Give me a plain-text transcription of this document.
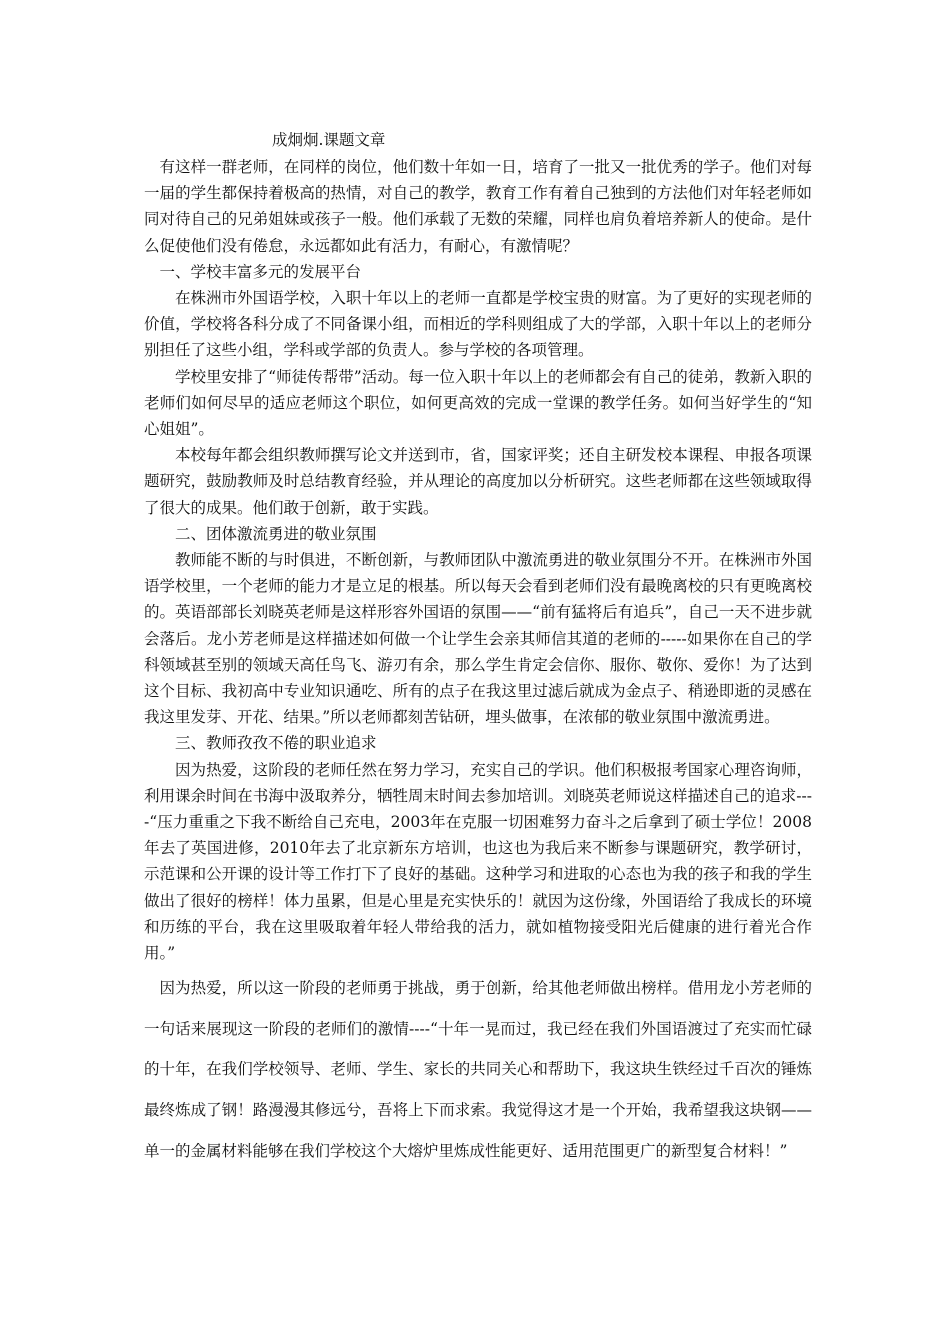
成炯炯.课题文章

有这样一群老师，在同样的岗位，他们数十年如一日，培育了一批又一批优秀的学子。他们对每一届的学生都保持着极高的热情，对自己的教学，教育工作有着自己独到的方法他们对年轻老师如同对待自己的兄弟姐妹或孩子一般。他们承载了无数的荣耀，同样也肩负着培养新人的使命。是什么促使他们没有倦怠，永远都如此有活力，有耐心，有激情呢？

一、学校丰富多元的发展平台

在株洲市外国语学校，入职十年以上的老师一直都是学校宝贵的财富。为了更好的实现老师的价值，学校将各科分成了不同备课小组，而相近的学科则组成了大的学部，入职十年以上的老师分别担任了这些小组，学科或学部的负责人。参与学校的各项管理。

学校里安排了“师徒传帮带”活动。每一位入职十年以上的老师都会有自己的徒弟，教新入职的老师们如何尽早的适应老师这个职位，如何更高效的完成一堂课的教学任务。如何当好学生的“知心姐姐”。

本校每年都会组织教师撰写论文并送到市，省，国家评奖；还自主研发校本课程、申报各项课题研究，鼓励教师及时总结教育经验，并从理论的高度加以分析研究。这些老师都在这些领域取得了很大的成果。他们敢于创新，敢于实践。

二、团体激流勇进的敬业氛围

教师能不断的与时俱进，不断创新，与教师团队中激流勇进的敬业氛围分不开。在株洲市外国语学校里，一个老师的能力才是立足的根基。所以每天会看到老师们没有最晚离校的只有更晚离校的。英语部部长刘晓英老师是这样形容外国语的氛围——“前有猛将后有追兵”，自己一天不进步就会落后。龙小芳老师是这样描述如何做一个让学生会亲其师信其道的老师的-----如果你在自己的学科领域甚至别的领域天高任鸟飞、游刃有余，那么学生肯定会信你、服你、敬你、爱你！为了达到这个目标、我初高中专业知识通吃、所有的点子在我这里过滤后就成为金点子、稍逊即逝的灵感在我这里发芽、开花、结果。”所以老师都刻苦钻研，埋头做事，在浓郁的敬业氛围中激流勇进。

三、教师孜孜不倦的职业追求

因为热爱，这阶段的老师任然在努力学习，充实自己的学识。他们积极报考国家心理咨询师，利用课余时间在书海中汲取养分，牺牲周末时间去参加培训。刘晓英老师说这样描述自己的追求----“压力重重之下我不断给自己充电，2003年在克服一切困难努力奋斗之后拿到了硕士学位！2008年去了英国进修，2010年去了北京新东方培训，也这也为我后来不断参与课题研究，教学研讨，示范课和公开课的设计等工作打下了良好的基础。这种学习和进取的心态也为我的孩子和我的学生做出了很好的榜样！体力虽累，但是心里是充实快乐的！就因为这份缘，外国语给了我成长的环境和历练的平台，我在这里吸取着年轻人带给我的活力，就如植物接受阳光后健康的进行着光合作用。”

因为热爱，所以这一阶段的老师勇于挑战，勇于创新，给其他老师做出榜样。借用龙小芳老师的一句话来展现这一阶段的老师们的激情----“十年一晃而过，我已经在我们外国语渡过了充实而忙碌的十年，在我们学校领导、老师、学生、家长的共同关心和帮助下，我这块生铁经过千百次的锤炼最终炼成了钢！路漫漫其修远兮，吾将上下而求索。我觉得这才是一个开始，我希望我这块钢——单一的金属材料能够在我们学校这个大熔炉里炼成性能更好、适用范围更广的新型复合材料！”
